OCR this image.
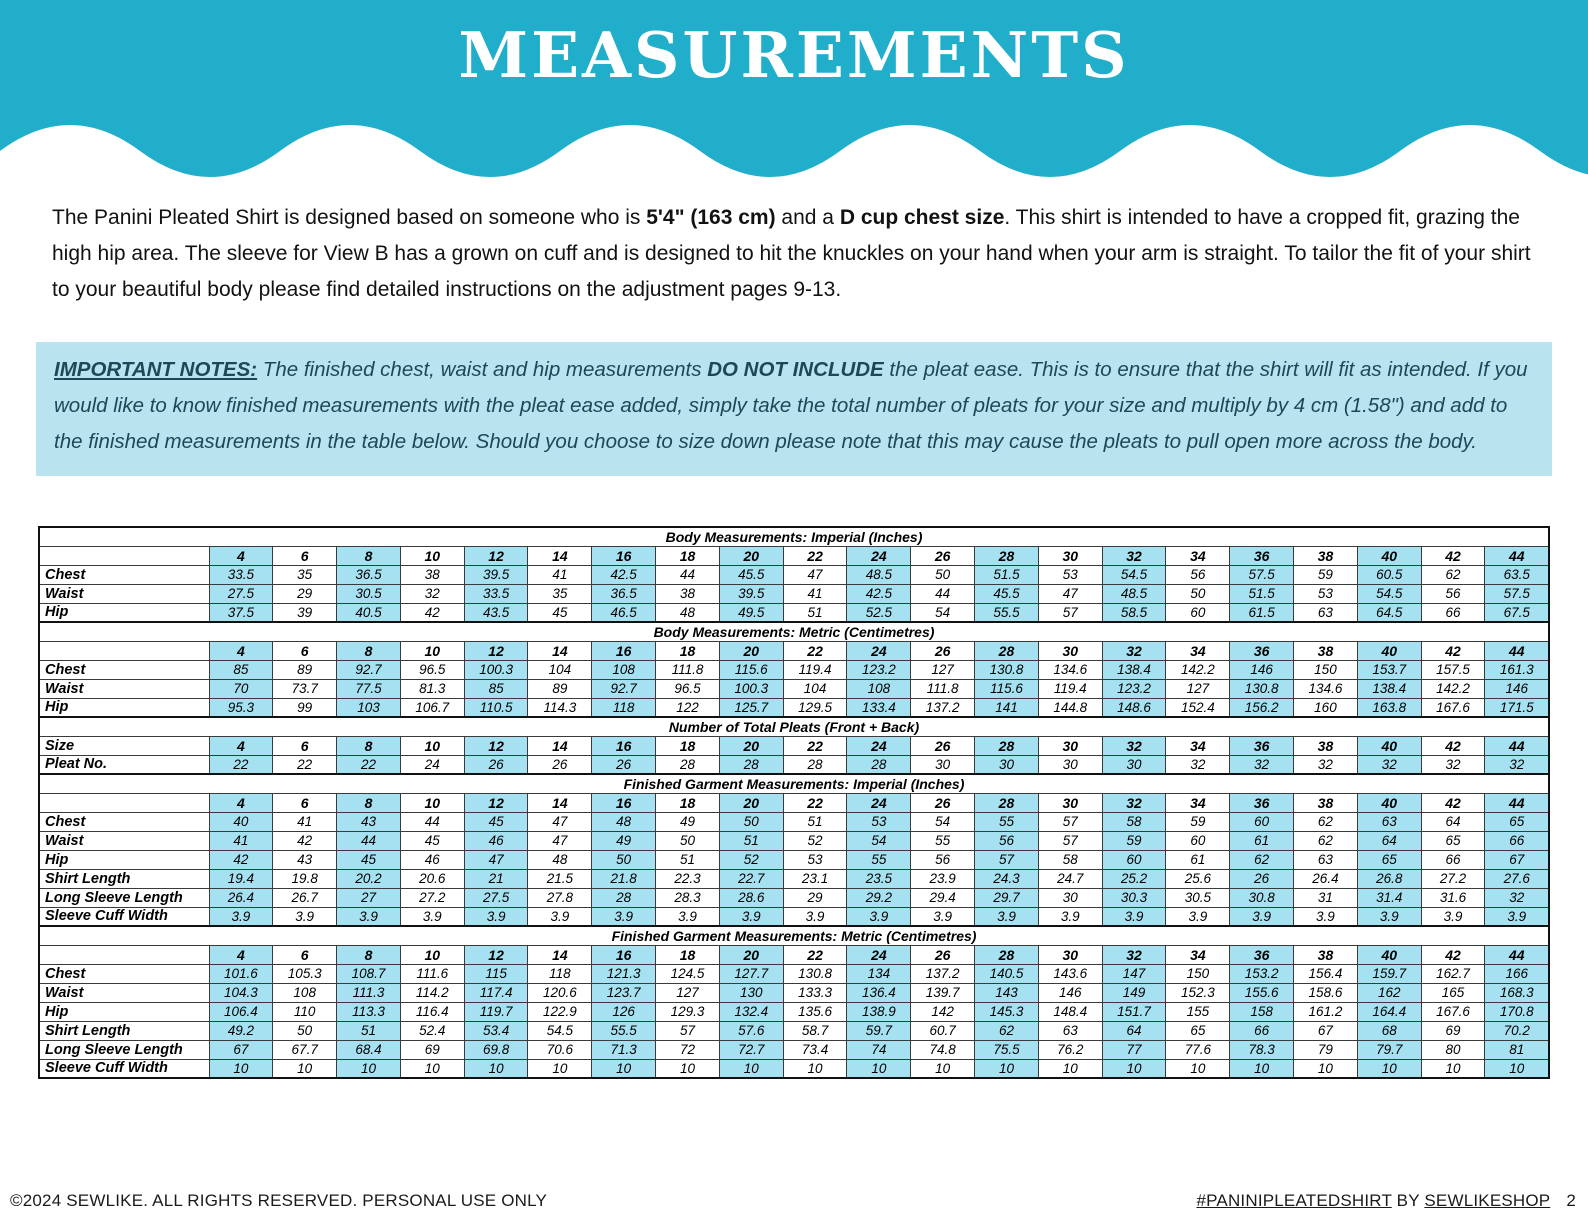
MEASUREMENTS

The Panini Pleated Shirt is designed based on someone who is 5'4" (163 cm) and a D cup chest size. This shirt is intended to have a cropped fit, grazing the high hip area. The sleeve for View B has a grown on cuff and is designed to hit the knuckles on your hand when your arm is straight. To tailor the fit of your shirt to your beautiful body please find detailed instructions on the adjustment pages 9-13.

IMPORTANT NOTES: The finished chest, waist and hip measurements DO NOT INCLUDE the pleat ease. This is to ensure that the shirt will fit as intended. If you would like to know finished measurements with the pleat ease added, simply take the total number of pleats for your size and multiply by 4 cm (1.58") and add to the finished measurements in the table below. Should you choose to size down please note that this may cause the pleats to pull open more across the body.
Body Measurements: Imperial (Inches)																					
	4	6	8	10	12	14	16	18	20	22	24	26	28	30	32	34	36	38	40	42	44
Chest	33.5	35	36.5	38	39.5	41	42.5	44	45.5	47	48.5	50	51.5	53	54.5	56	57.5	59	60.5	62	63.5
Waist	27.5	29	30.5	32	33.5	35	36.5	38	39.5	41	42.5	44	45.5	47	48.5	50	51.5	53	54.5	56	57.5
Hip	37.5	39	40.5	42	43.5	45	46.5	48	49.5	51	52.5	54	55.5	57	58.5	60	61.5	63	64.5	66	67.5
Body Measurements: Metric (Centimetres)																					
	4	6	8	10	12	14	16	18	20	22	24	26	28	30	32	34	36	38	40	42	44
Chest	85	89	92.7	96.5	100.3	104	108	111.8	115.6	119.4	123.2	127	130.8	134.6	138.4	142.2	146	150	153.7	157.5	161.3
Waist	70	73.7	77.5	81.3	85	89	92.7	96.5	100.3	104	108	111.8	115.6	119.4	123.2	127	130.8	134.6	138.4	142.2	146
Hip	95.3	99	103	106.7	110.5	114.3	118	122	125.7	129.5	133.4	137.2	141	144.8	148.6	152.4	156.2	160	163.8	167.6	171.5
Number of Total Pleats (Front + Back)																					
Size	4	6	8	10	12	14	16	18	20	22	24	26	28	30	32	34	36	38	40	42	44
Pleat No.	22	22	22	24	26	26	26	28	28	28	28	30	30	30	30	32	32	32	32	32	32
Finished Garment Measurements: Imperial (Inches)																					
	4	6	8	10	12	14	16	18	20	22	24	26	28	30	32	34	36	38	40	42	44
Chest	40	41	43	44	45	47	48	49	50	51	53	54	55	57	58	59	60	62	63	64	65
Waist	41	42	44	45	46	47	49	50	51	52	54	55	56	57	59	60	61	62	64	65	66
Hip	42	43	45	46	47	48	50	51	52	53	55	56	57	58	60	61	62	63	65	66	67
Shirt Length	19.4	19.8	20.2	20.6	21	21.5	21.8	22.3	22.7	23.1	23.5	23.9	24.3	24.7	25.2	25.6	26	26.4	26.8	27.2	27.6
Long Sleeve Length	26.4	26.7	27	27.2	27.5	27.8	28	28.3	28.6	29	29.2	29.4	29.7	30	30.3	30.5	30.8	31	31.4	31.6	32
Sleeve Cuff Width	3.9	3.9	3.9	3.9	3.9	3.9	3.9	3.9	3.9	3.9	3.9	3.9	3.9	3.9	3.9	3.9	3.9	3.9	3.9	3.9	3.9
Finished Garment Measurements: Metric (Centimetres)																					
	4	6	8	10	12	14	16	18	20	22	24	26	28	30	32	34	36	38	40	42	44
Chest	101.6	105.3	108.7	111.6	115	118	121.3	124.5	127.7	130.8	134	137.2	140.5	143.6	147	150	153.2	156.4	159.7	162.7	166
Waist	104.3	108	111.3	114.2	117.4	120.6	123.7	127	130	133.3	136.4	139.7	143	146	149	152.3	155.6	158.6	162	165	168.3
Hip	106.4	110	113.3	116.4	119.7	122.9	126	129.3	132.4	135.6	138.9	142	145.3	148.4	151.7	155	158	161.2	164.4	167.6	170.8
Shirt Length	49.2	50	51	52.4	53.4	54.5	55.5	57	57.6	58.7	59.7	60.7	62	63	64	65	66	67	68	69	70.2
Long Sleeve Length	67	67.7	68.4	69	69.8	70.6	71.3	72	72.7	73.4	74	74.8	75.5	76.2	77	77.6	78.3	79	79.7	80	81
Sleeve Cuff Width	10	10	10	10	10	10	10	10	10	10	10	10	10	10	10	10	10	10	10	10	10
©2024 SEWLIKE. ALL RIGHTS RESERVED. PERSONAL USE ONLY	#PANINIPLEATEDSHIRT BY SEWLIKESHOP 2
